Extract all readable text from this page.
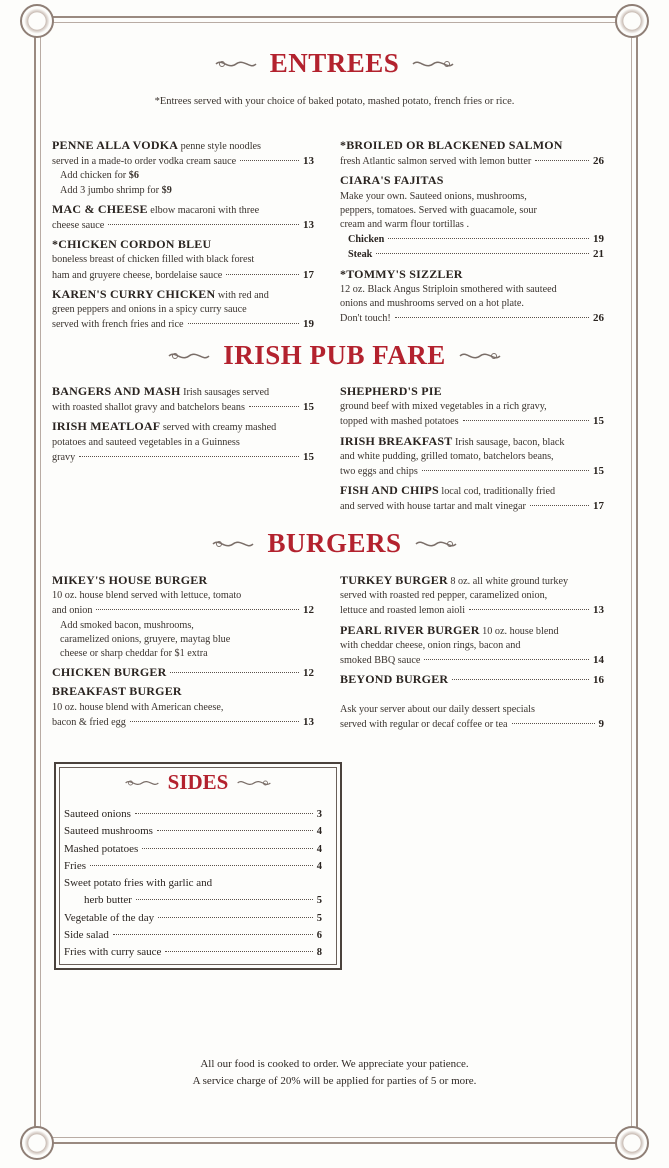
ENTREES
*Entrees served with your choice of baked potato, mashed potato, french fries or rice.
PENNE ALLA VODKA penne style noodles
served in a made-to order vodka cream sauce	13
Add chicken for $6
Add 3 jumbo shrimp for $9
MAC & CHEESE elbow macaroni with three
cheese sauce	13
*CHICKEN CORDON BLEU
boneless breast of chicken filled with black forest
ham and gruyere cheese, bordelaise sauce	17
KAREN'S CURRY CHICKEN with red and
green peppers and onions in a spicy curry sauce
served with french fries and rice	19
*BROILED OR BLACKENED SALMON
fresh Atlantic salmon served with lemon butter	26
CIARA'S FAJITAS
Make your own. Sauteed onions, mushrooms,
peppers, tomatoes. Served with guacamole, sour
cream and warm flour tortillas .
Chicken	19
Steak	21
*TOMMY'S SIZZLER
12 oz. Black Angus Striploin smothered with sauteed
onions and mushrooms served on a hot plate.
Don't touch!	26
IRISH PUB FARE
BANGERS AND MASH Irish sausages served
with roasted shallot gravy and batchelors beans	15
IRISH MEATLOAF served with creamy mashed
potatoes and sauteed vegetables in a Guinness
gravy	15
SHEPHERD'S PIE
ground beef with mixed vegetables in a rich gravy,
topped with mashed potatoes	15
IRISH BREAKFAST Irish sausage, bacon, black
and white pudding, grilled tomato, batchelors beans,
two eggs and chips	15
FISH AND CHIPS local cod, traditionally fried
and served with house tartar and malt vinegar	17
BURGERS
MIKEY'S HOUSE BURGER
10 oz. house blend served with lettuce, tomato
and onion	12
Add smoked bacon, mushrooms,
caramelized onions, gruyere, maytag blue
cheese or sharp cheddar for $1 extra
CHICKEN BURGER	12
BREAKFAST BURGER
10 oz. house blend with American cheese,
bacon & fried egg	13
TURKEY BURGER 8 oz. all white ground turkey
served with roasted red pepper, caramelized onion,
lettuce and roasted lemon aioli	13
PEARL RIVER BURGER 10 oz. house blend
with cheddar cheese, onion rings, bacon and
smoked BBQ sauce	14
BEYOND BURGER	16
Ask your server about our daily dessert specials
served with regular or decaf coffee or tea	9
SIDES
Sauteed onions	3
Sauteed mushrooms	4
Mashed potatoes	4
Fries	4
Sweet potato fries with garlic and
herb butter	5
Vegetable of the day	5
Side salad	6
Fries with curry sauce	8
All our food is cooked to order. We appreciate your patience.
A service charge of 20% will be applied for parties of 5 or more.
